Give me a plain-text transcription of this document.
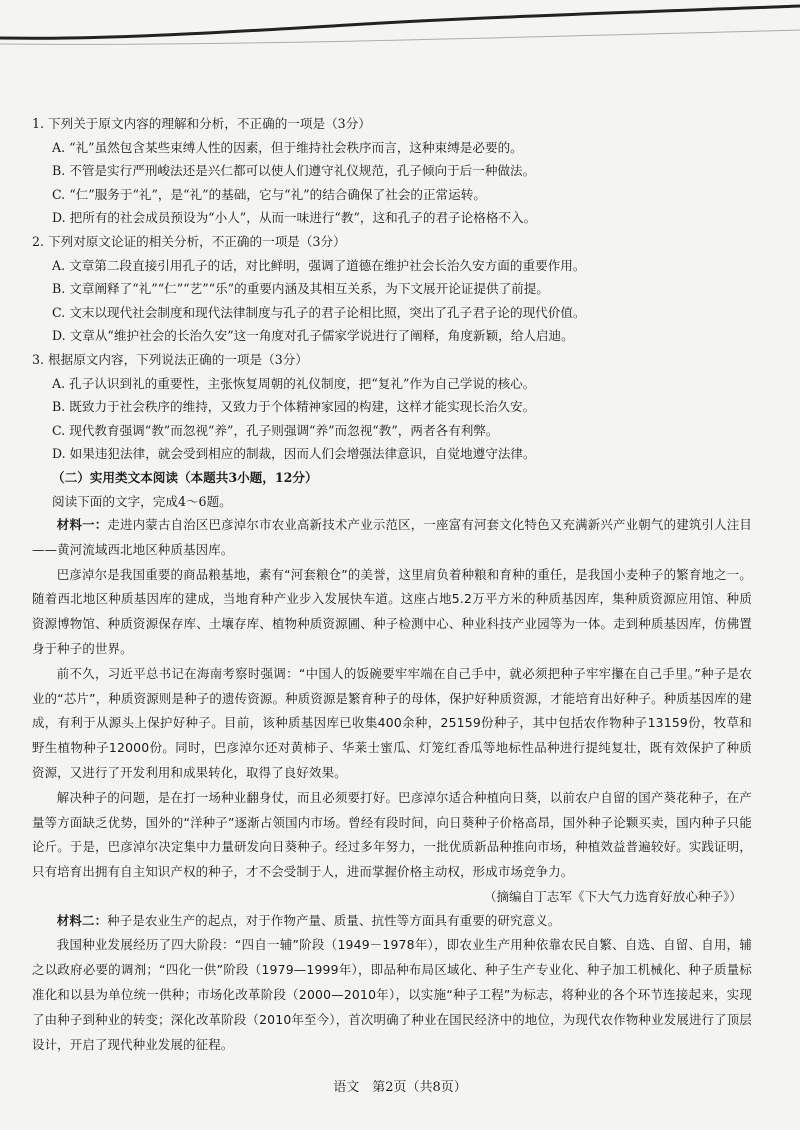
1. 下列关于原文内容的理解和分析，不正确的一项是（3分）

A. “礼”虽然包含某些束缚人性的因素，但于维持社会秩序而言，这种束缚是必要的。

B. 不管是实行严刑峻法还是兴仁都可以使人们遵守礼仪规范，孔子倾向于后一种做法。

C. “仁”服务于“礼”，是“礼”的基础，它与“礼”的结合确保了社会的正常运转。

D. 把所有的社会成员预设为“小人”，从而一味进行“教”，这和孔子的君子论格格不入。

2. 下列对原文论证的相关分析，不正确的一项是（3分）

A. 文章第二段直接引用孔子的话，对比鲜明，强调了道德在维护社会长治久安方面的重要作用。

B. 文章阐释了“礼”“仁”“艺”“乐”的重要内涵及其相互关系，为下文展开论证提供了前提。

C. 文末以现代社会制度和现代法律制度与孔子的君子论相比照，突出了孔子君子论的现代价值。

D. 文章从“维护社会的长治久安”这一角度对孔子儒家学说进行了阐释，角度新颖，给人启迪。

3. 根据原文内容，下列说法正确的一项是（3分）

A. 孔子认识到礼的重要性，主张恢复周朝的礼仪制度，把“复礼”作为自己学说的核心。

B. 既致力于社会秩序的维持，又致力于个体精神家园的构建，这样才能实现长治久安。

C. 现代教育强调“教”而忽视“养”，孔子则强调“养”而忽视“教”，两者各有利弊。

D. 如果违犯法律，就会受到相应的制裁，因而人们会增强法律意识，自觉地遵守法律。

（二）实用类文本阅读（本题共3小题，12分）

阅读下面的文字，完成4～6题。

材料一：走进内蒙古自治区巴彦淖尔市农业高新技术产业示范区，一座富有河套文化特色又充满新兴产业朝气的建筑引人注目——黄河流域西北地区种质基因库。

巴彦淖尔是我国重要的商品粮基地，素有“河套粮仓”的美誉，这里肩负着种粮和育种的重任，是我国小麦种子的繁育地之一。随着西北地区种质基因库的建成，当地育种产业步入发展快车道。这座占地5.2万平方米的种质基因库，集种质资源应用馆、种质资源博物馆、种质资源保存库、土壤存库、植物种质资源圃、种子检测中心、种业科技产业园等为一体。走到种质基因库，仿佛置身于种子的世界。

前不久，习近平总书记在海南考察时强调：“中国人的饭碗要牢牢端在自己手中，就必须把种子牢牢攥在自己手里。”种子是农业的“芯片”，种质资源则是种子的遗传资源。种质资源是繁育种子的母体，保护好种质资源，才能培育出好种子。种质基因库的建成，有利于从源头上保护好种子。目前，该种质基因库已收集400余种，25159份种子，其中包括农作物种子13159份，牧草和野生植物种子12000份。同时，巴彦淖尔还对黄柿子、华莱士蜜瓜、灯笼红香瓜等地标性品种进行提纯复壮，既有效保护了种质资源，又进行了开发利用和成果转化，取得了良好效果。

解决种子的问题，是在打一场种业翻身仗，而且必须要打好。巴彦淖尔适合种植向日葵，以前农户自留的国产葵花种子，在产量等方面缺乏优势，国外的“洋种子”逐渐占领国内市场。曾经有段时间，向日葵种子价格高昂，国外种子论颗买卖，国内种子只能论斤。于是，巴彦淖尔决定集中力量研发向日葵种子。经过多年努力，一批优质新品种推向市场，种植效益普遍较好。实践证明，只有培育出拥有自主知识产权的种子，才不会受制于人，进而掌握价格主动权，形成市场竞争力。

（摘编自丁志军《下大气力选育好放心种子》）

材料二：种子是农业生产的起点，对于作物产量、质量、抗性等方面具有重要的研究意义。

我国种业发展经历了四大阶段：“四自一辅”阶段（1949－1978年），即农业生产用种依靠农民自繁、自选、自留、自用，辅之以政府必要的调剂；“四化一供”阶段（1979—1999年），即品种布局区域化、种子生产专业化、种子加工机械化、种子质量标准化和以县为单位统一供种；市场化改革阶段（2000—2010年），以实施“种子工程”为标志，将种业的各个环节连接起来，实现了由种子到种业的转变；深化改革阶段（2010年至今），首次明确了种业在国民经济中的地位，为现代农作物种业发展进行了顶层设计，开启了现代种业发展的征程。

语文　第2页（共8页）
